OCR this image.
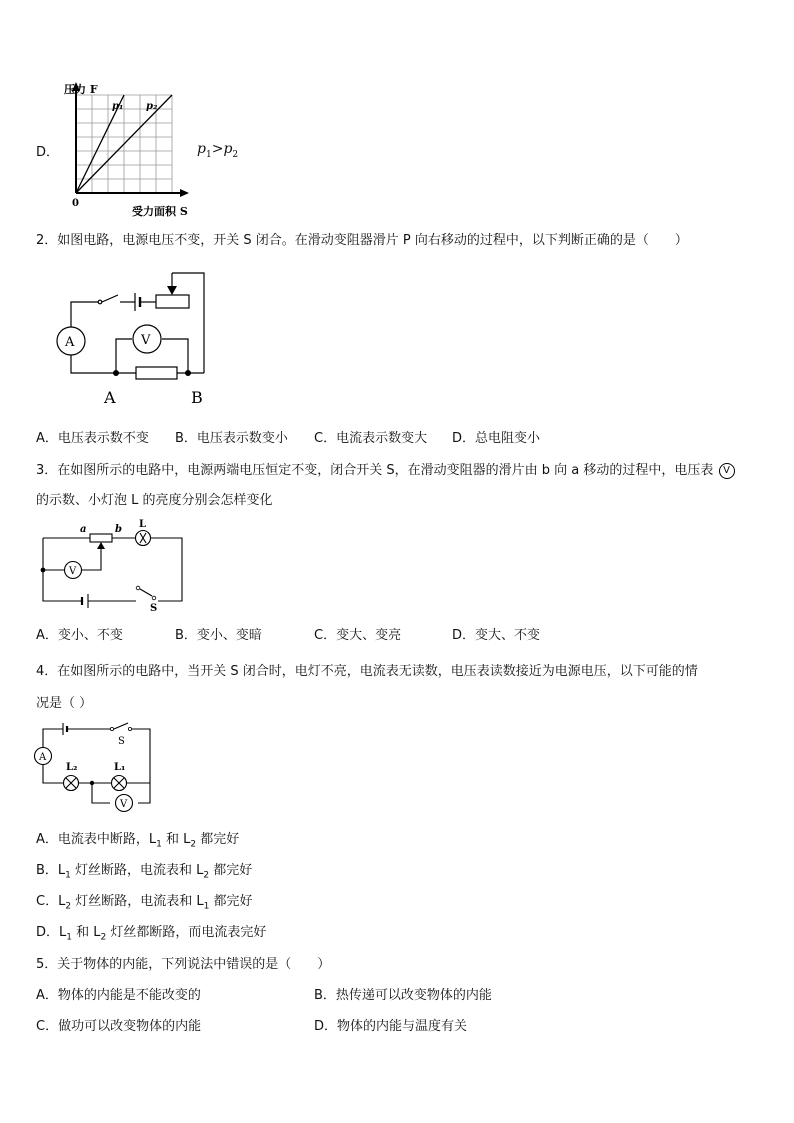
D．
压力 F
受力面积 S
0
p₁ p₂
$p_1>p_2$
2．如图电路，电源电压不变，开关 S 闭合。在滑动变阻器滑片 P 向右移动的过程中，以下判断正确的是（　　）
A	V
A	B
A．电压表示数不变 B．电压表示数变小 C．电流表示数变大 D．总电阻变小
3．在如图所示的电路中，电源两端电压恒定不变，闭合开关 S，在滑动变阻器的滑片由 b 向 a 移动的过程中，电压表 V
的示数、小灯泡 L 的亮度分别会怎样变化
a	b L
V
S
A．变小、不变	B．变小、变暗	C．变大、变亮	D．变大、不变
4．在如图所示的电路中，当开关 S 闭合时，电灯不亮，电流表无读数，电压表读数接近为电源电压，以下可能的情
况是（ ）
A
S
L₂	L₁
V
A．电流表中断路，$L_1$ 和 $L_2$ 都完好
B．$L_1$ 灯丝断路，电流表和 $L_2$ 都完好
C．$L_2$ 灯丝断路，电流表和 $L_1$ 都完好
D．$L_1$ 和 $L_2$ 灯丝都断路，而电流表完好
5．关于物体的内能，下列说法中错误的是（　　）
A．物体的内能是不能改变的	B．热传递可以改变物体的内能
C．做功可以改变物体的内能	D．物体的内能与温度有关
